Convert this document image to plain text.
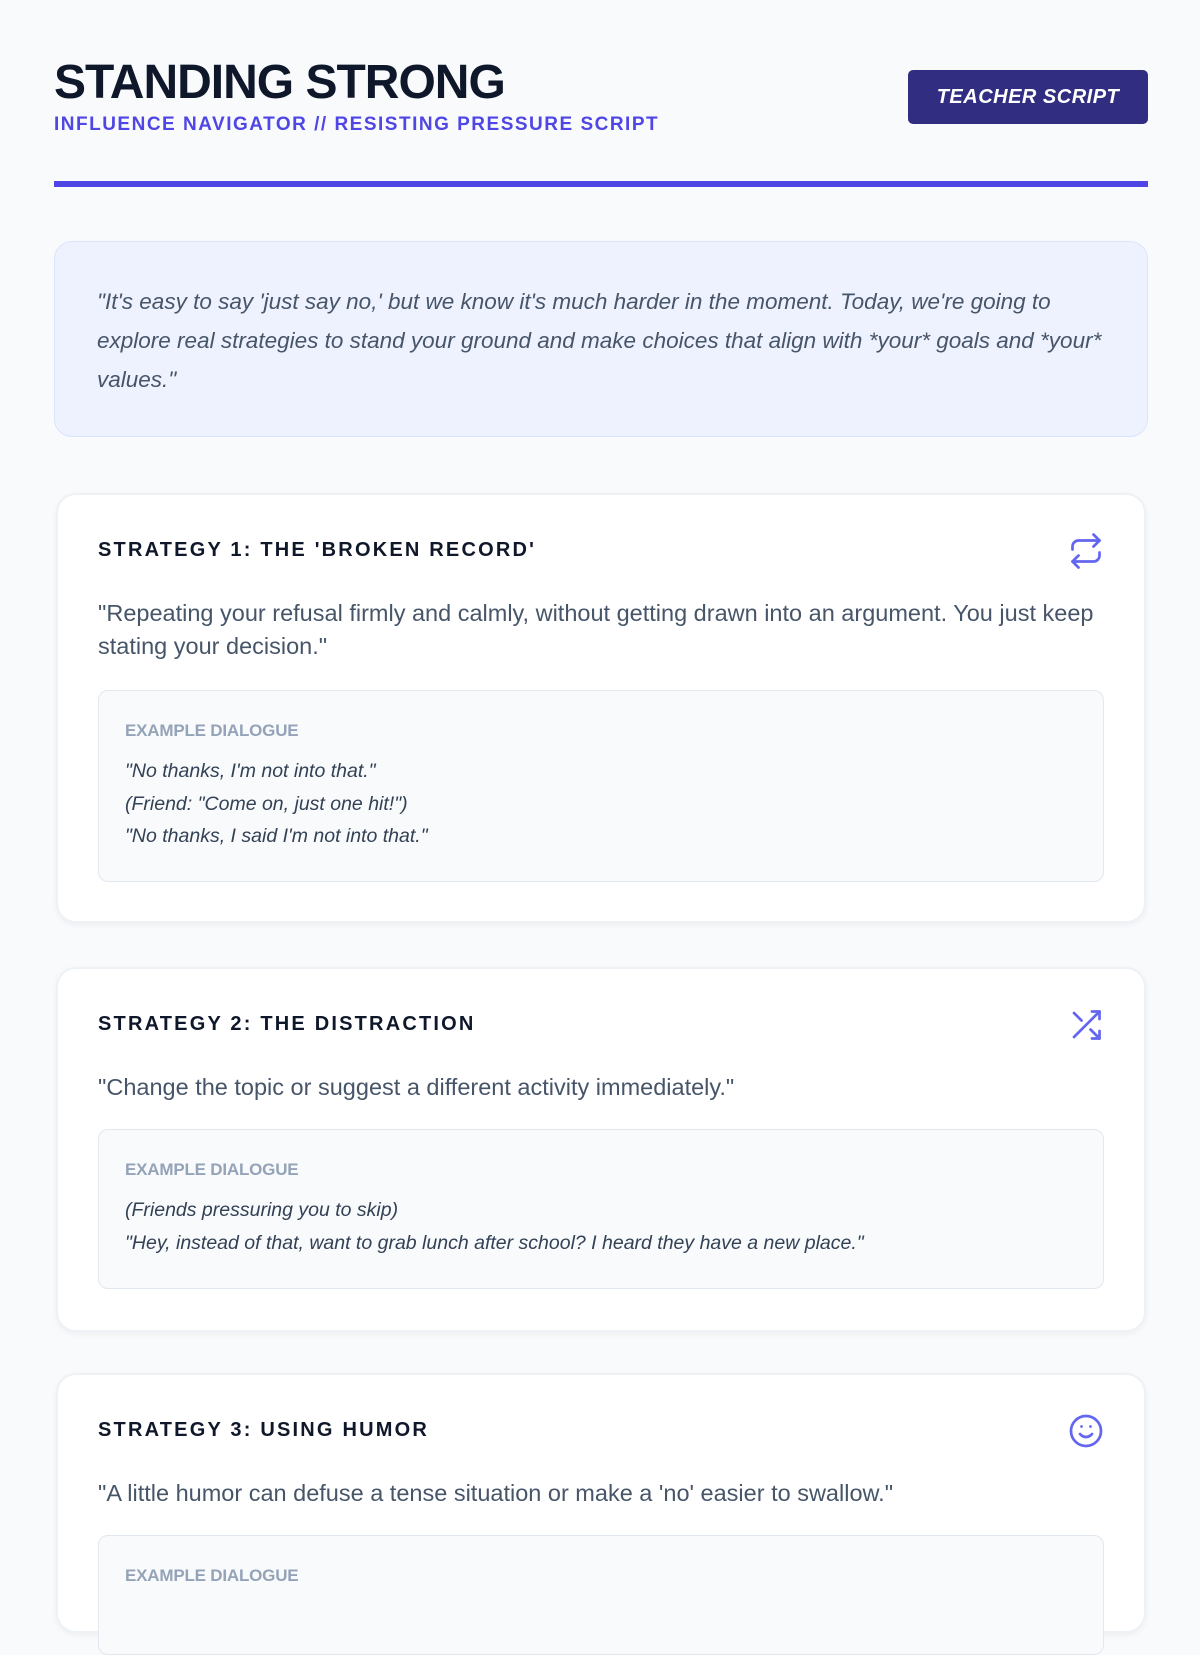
STANDING STRONG
INFLUENCE NAVIGATOR // RESISTING PRESSURE SCRIPT
TEACHER SCRIPT

"It's easy to say 'just say no,' but we know it's much harder in the moment. Today, we're going to explore real strategies to stand your ground and make choices that align with *your* goals and *your* values."

STRATEGY 1: THE 'BROKEN RECORD'
"Repeating your refusal firmly and calmly, without getting drawn into an argument. You just keep stating your decision."
EXAMPLE DIALOGUE
"No thanks, I'm not into that."
(Friend: "Come on, just one hit!")
"No thanks, I said I'm not into that."
STRATEGY 2: THE DISTRACTION
"Change the topic or suggest a different activity immediately."
EXAMPLE DIALOGUE
(Friends pressuring you to skip)
"Hey, instead of that, want to grab lunch after school? I heard they have a new place."
STRATEGY 3: USING HUMOR
"A little humor can defuse a tense situation or make a 'no' easier to swallow."
EXAMPLE DIALOGUE
